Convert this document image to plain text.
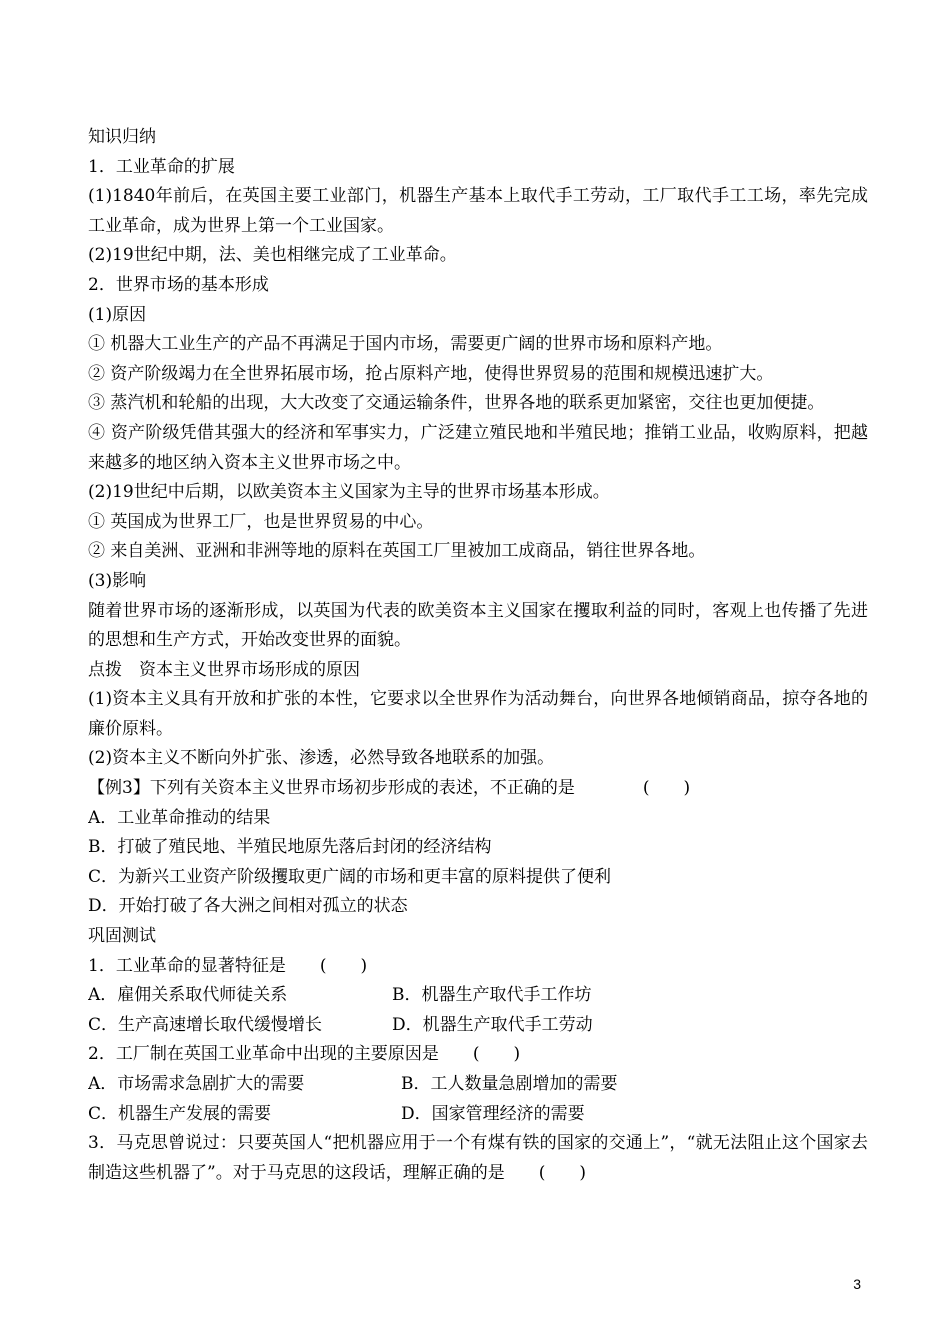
知识归纳

1．工业革命的扩展

(1)1840年前后，在英国主要工业部门，机器生产基本上取代手工劳动，工厂取代手工工场，率先完成工业革命，成为世界上第一个工业国家。

(2)19世纪中期，法、美也相继完成了工业革命。

2．世界市场的基本形成

(1)原因

① 机器大工业生产的产品不再满足于国内市场，需要更广阔的世界市场和原料产地。

② 资产阶级竭力在全世界拓展市场，抢占原料产地，使得世界贸易的范围和规模迅速扩大。

③ 蒸汽机和轮船的出现，大大改变了交通运输条件，世界各地的联系更加紧密，交往也更加便捷。

④ 资产阶级凭借其强大的经济和军事实力，广泛建立殖民地和半殖民地；推销工业品，收购原料，把越来越多的地区纳入资本主义世界市场之中。

(2)19世纪中后期，以欧美资本主义国家为主导的世界市场基本形成。

① 英国成为世界工厂，也是世界贸易的中心。

② 来自美洲、亚洲和非洲等地的原料在英国工厂里被加工成商品，销往世界各地。

(3)影响

随着世界市场的逐渐形成，以英国为代表的欧美资本主义国家在攫取利益的同时，客观上也传播了先进的思想和生产方式，开始改变世界的面貌。

点拨　资本主义世界市场形成的原因

(1)资本主义具有开放和扩张的本性，它要求以全世界作为活动舞台，向世界各地倾销商品，掠夺各地的廉价原料。

(2)资本主义不断向外扩张、渗透，必然导致各地联系的加强。

【例3】下列有关资本主义世界市场初步形成的表述，不正确的是　　　　(　　)

A．工业革命推动的结果

B．打破了殖民地、半殖民地原先落后封闭的经济结构

C．为新兴工业资产阶级攫取更广阔的市场和更丰富的原料提供了便利

D．开始打破了各大洲之间相对孤立的状态

巩固测试

1．工业革命的显著特征是　　(　　)

A．雇佣关系取代师徒关系	B．机器生产取代手工作坊
C．生产高速增长取代缓慢增长	D．机器生产取代手工劳动

2．工厂制在英国工业革命中出现的主要原因是　　(　　)

A．市场需求急剧扩大的需要	B．工人数量急剧增加的需要
C．机器生产发展的需要	D．国家管理经济的需要

3．马克思曾说过：只要英国人“把机器应用于一个有煤有铁的国家的交通上”，“就无法阻止这个国家去制造这些机器了”。对于马克思的这段话，理解正确的是　　(　　)

3
